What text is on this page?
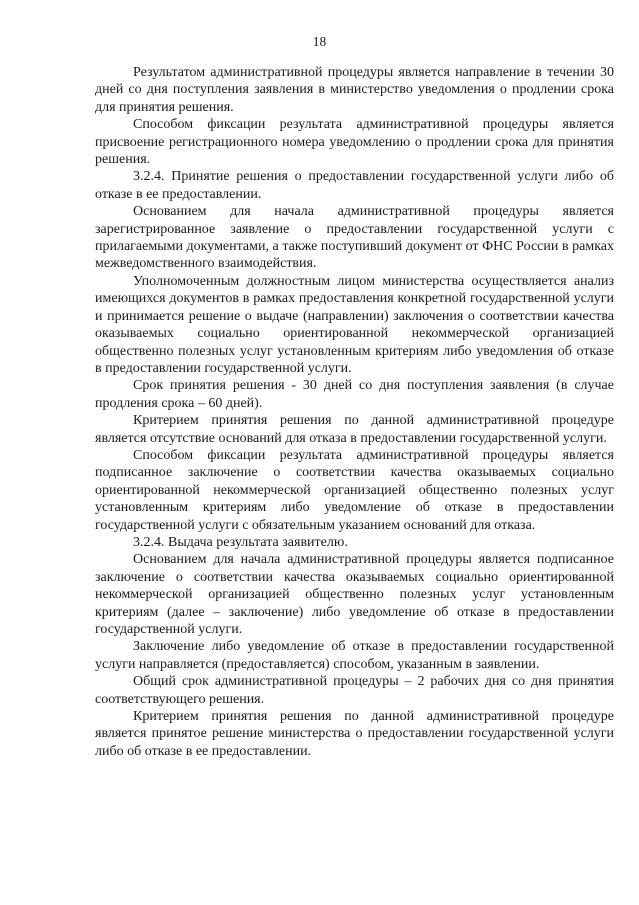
18

Результатом административной процедуры является направление в течении 30 дней со дня поступления заявления в министерство уведомления о продлении срока для принятия решения.

Способом фиксации результата административной процедуры является присвоение регистрационного номера уведомлению о продлении срока для принятия решения.

3.2.4. Принятие решения о предоставлении государственной услуги либо об отказе в ее предоставлении.

Основанием для начала административной процедуры является зарегистрированное заявление о предоставлении государственной услуги с прилагаемыми документами, а также поступивший документ от ФНС России в рамках межведомственного взаимодействия.

Уполномоченным должностным лицом министерства осуществляется анализ имеющихся документов в рамках предоставления конкретной государственной услуги и принимается решение о выдаче (направлении) заключения о соответствии качества оказываемых социально ориентированной некоммерческой организацией общественно полезных услуг установленным критериям либо уведомления об отказе в предоставлении государственной услуги.

Срок принятия решения - 30 дней со дня поступления заявления (в случае продления срока – 60 дней).

Критерием принятия решения по данной административной процедуре является отсутствие оснований для отказа в предоставлении государственной услуги.

Способом фиксации результата административной процедуры является подписанное заключение о соответствии качества оказываемых социально ориентированной некоммерческой организацией общественно полезных услуг установленным критериям либо уведомление об отказе в предоставлении государственной услуги с обязательным указанием оснований для отказа.

3.2.4. Выдача результата заявителю.

Основанием для начала административной процедуры является подписанное заключение о соответствии качества оказываемых социально ориентированной некоммерческой организацией общественно полезных услуг установленным критериям (далее – заключение) либо уведомление об отказе в предоставлении государственной услуги.

Заключение либо уведомление об отказе в предоставлении государственной услуги направляется (предоставляется) способом, указанным в заявлении.

Общий срок административной процедуры – 2 рабочих дня со дня принятия соответствующего решения.

Критерием принятия решения по данной административной процедуре является принятое решение министерства о предоставлении государственной услуги либо об отказе в ее предоставлении.
